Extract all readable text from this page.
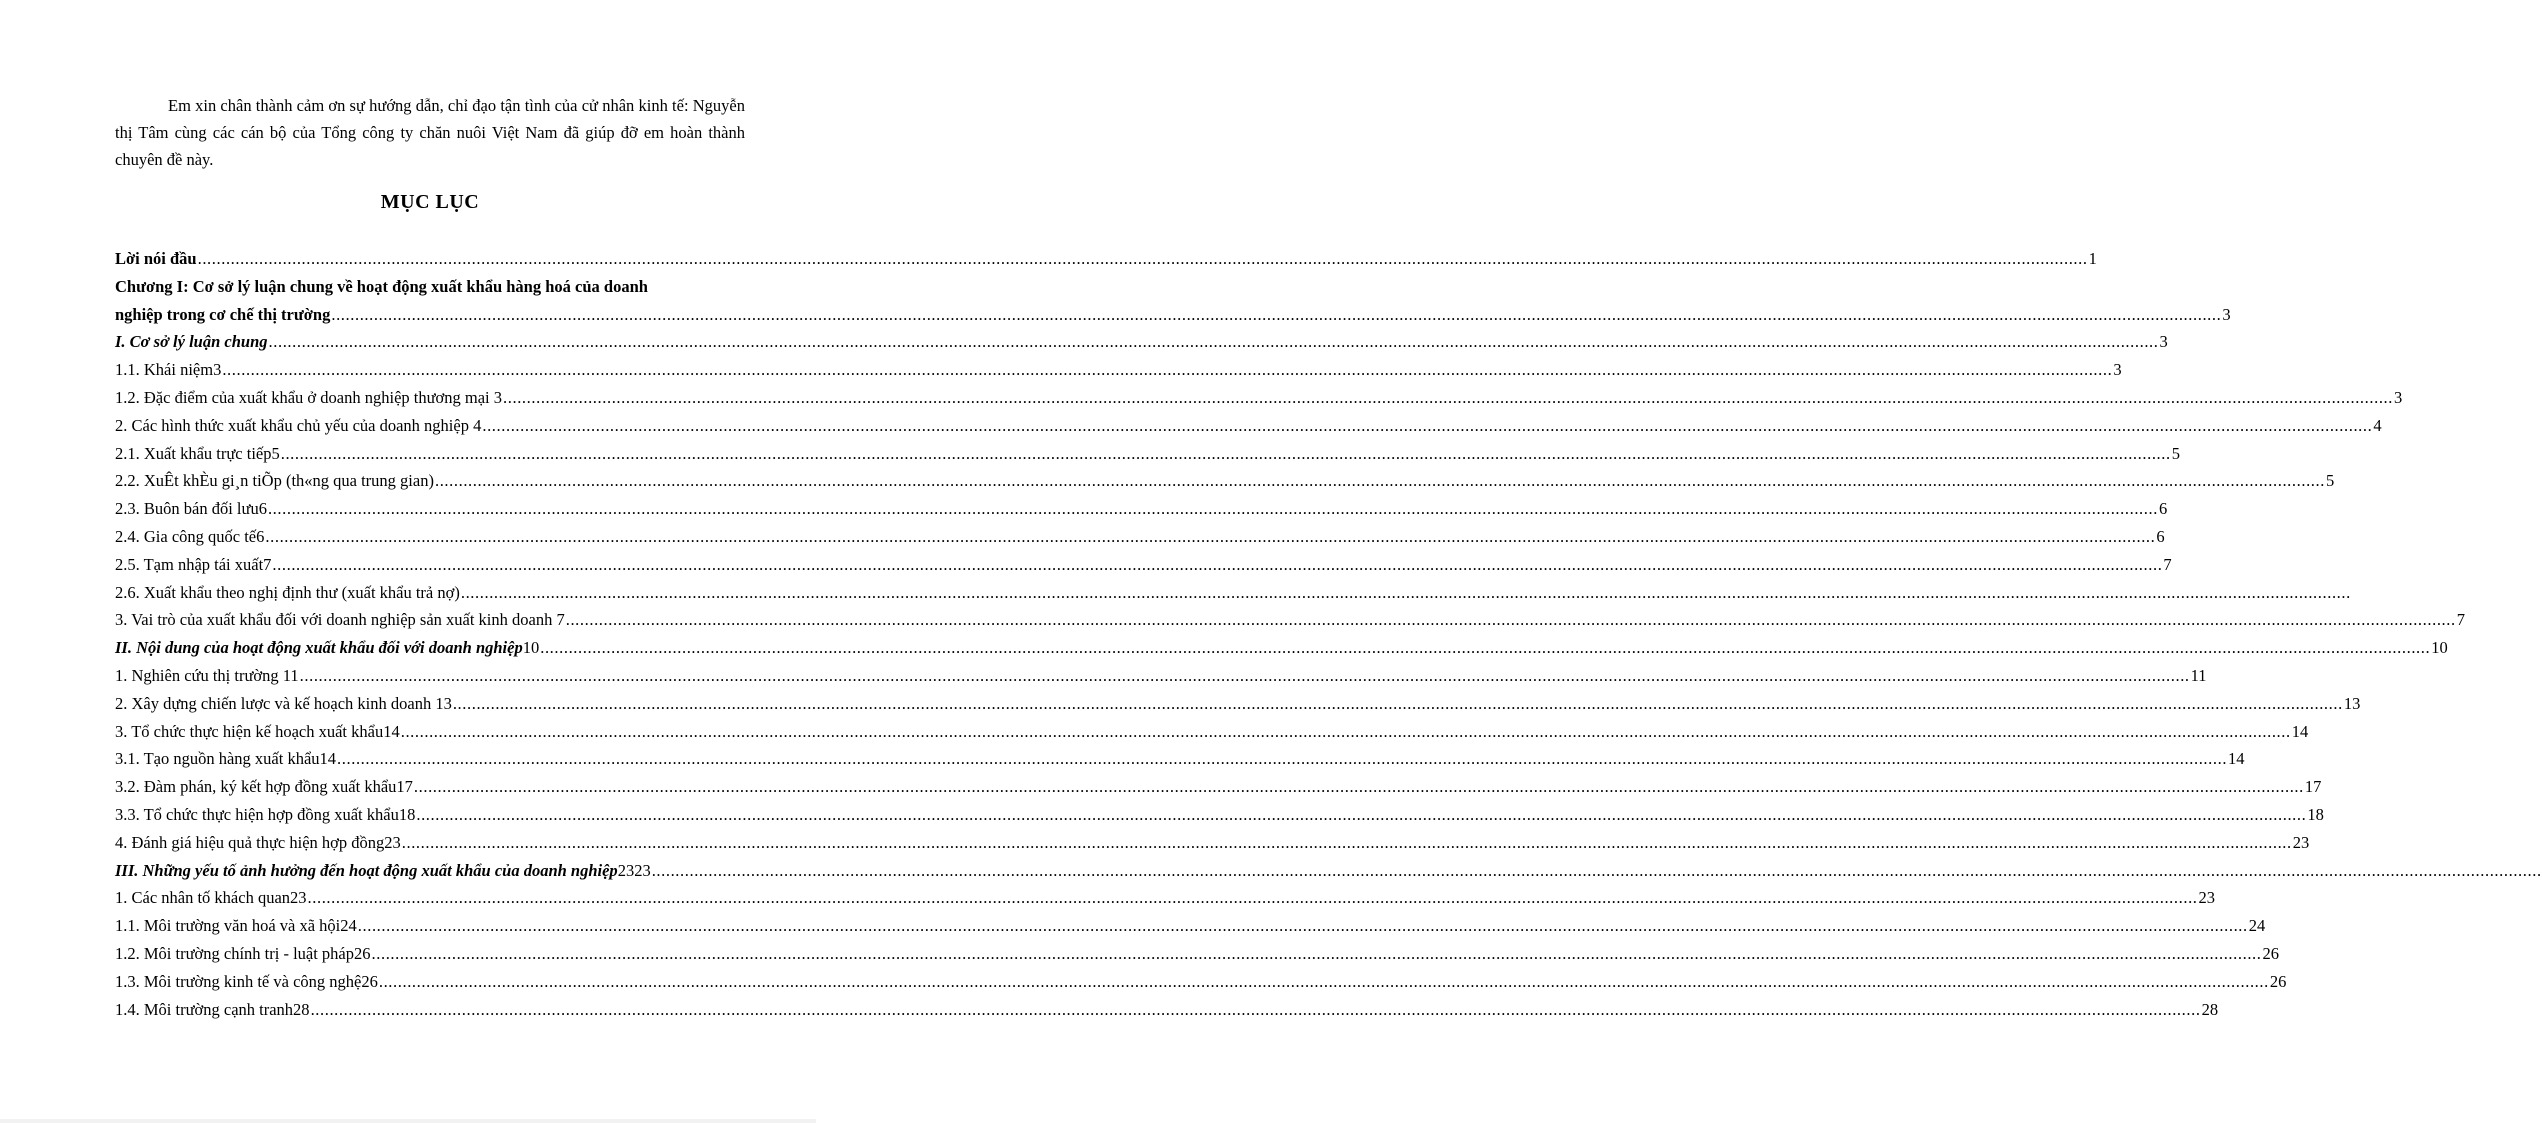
Em xin chân thành cảm ơn sự hướng dẫn, chỉ đạo tận tình của cử nhân kinh tế: Nguyễn thị Tâm cùng các cán bộ của Tổng công ty chăn nuôi Việt Nam đã giúp đỡ em hoàn thành chuyên đề này.

MỤC LỤC
Lời nói đầu ................................................................................................................................................................................................................................................................................................................................................................................................................ 1
Chương I: Cơ sở lý luận chung về hoạt động xuất khẩu hàng hoá của doanh
nghiệp trong cơ chế thị trường ................................................................................................................................................................................................................................................................................................................................................................................................................ 3
I. Cơ sở lý luận chung ................................................................................................................................................................................................................................................................................................................................................................................................................ 3
1.1. Khái niệm3 ................................................................................................................................................................................................................................................................................................................................................................................................................ 3
1.2. Đặc điểm của xuất khẩu ở doanh nghiệp thương mại 3 ................................................................................................................................................................................................................................................................................................................................................................................................................ 3
2. Các hình thức xuất khẩu chủ yếu của doanh nghiệp 4 ................................................................................................................................................................................................................................................................................................................................................................................................................ 4
2.1. Xuất khẩu trực tiếp5 ................................................................................................................................................................................................................................................................................................................................................................................................................ 5
2.2. XuÊt khÈu gi¸n tiÕp (th«ng qua trung gian) ................................................................................................................................................................................................................................................................................................................................................................................................................ 5
2.3. Buôn bán đối lưu6 ................................................................................................................................................................................................................................................................................................................................................................................................................ 6
2.4. Gia công quốc tế6 ................................................................................................................................................................................................................................................................................................................................................................................................................ 6
2.5. Tạm nhập tái xuất7 ................................................................................................................................................................................................................................................................................................................................................................................................................ 7
2.6. Xuất khẩu theo nghị định thư (xuất khẩu trả nợ) ................................................................................................................................................................................................................................................................................................................................................................................................................
3. Vai trò của xuất khẩu đối với doanh nghiệp sản xuất kinh doanh 7 ................................................................................................................................................................................................................................................................................................................................................................................................................ 7
II. Nội dung của hoạt động xuất khẩu đối với doanh nghiệp 10 ................................................................................................................................................................................................................................................................................................................................................................................................................ 10
1. Nghiên cứu thị trường 11 ................................................................................................................................................................................................................................................................................................................................................................................................................ 11
2. Xây dựng chiến lược và kế hoạch kinh doanh 13 ................................................................................................................................................................................................................................................................................................................................................................................................................ 13
3. Tổ chức thực hiện kế hoạch xuất khẩu14 ................................................................................................................................................................................................................................................................................................................................................................................................................ 14
3.1. Tạo nguồn hàng xuất khẩu14 ................................................................................................................................................................................................................................................................................................................................................................................................................ 14
3.2. Đàm phán, ký kết hợp đồng xuất khẩu17 ................................................................................................................................................................................................................................................................................................................................................................................................................ 17
3.3. Tổ chức thực hiện hợp đồng xuất khẩu18 ................................................................................................................................................................................................................................................................................................................................................................................................................ 18
4. Đánh giá hiệu quả thực hiện hợp đồng23 ................................................................................................................................................................................................................................................................................................................................................................................................................ 23
III. Những yếu tố ảnh hưởng đến hoạt động xuất khẩu của doanh nghiệp 2323 ................................................................................................................................................................................................................................................................................................................................................................................................................
1. Các nhân tố khách quan23 ................................................................................................................................................................................................................................................................................................................................................................................................................ 23
1.1. Môi trường văn hoá và xã hội24 ................................................................................................................................................................................................................................................................................................................................................................................................................ 24
1.2. Môi trường chính trị - luật pháp26 ................................................................................................................................................................................................................................................................................................................................................................................................................ 26
1.3. Môi trường kinh tế và công nghệ26 ................................................................................................................................................................................................................................................................................................................................................................................................................ 26
1.4. Môi trường cạnh tranh28 ................................................................................................................................................................................................................................................................................................................................................................................................................ 28
